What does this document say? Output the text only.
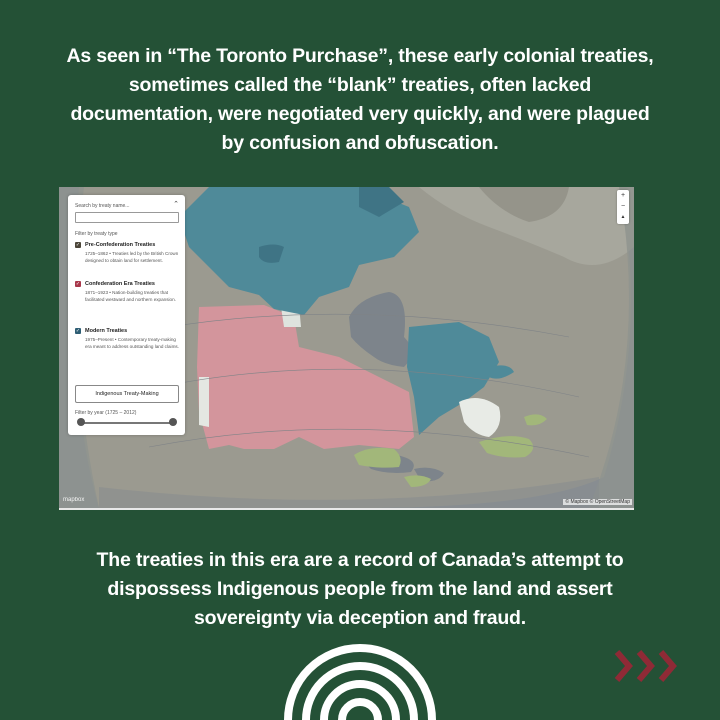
As seen in “The Toronto Purchase”, these early colonial treaties, sometimes called the “blank” treaties, often lacked documentation, were negotiated very quickly, and were plagued by confusion and obfuscation.
Search by treaty name...	⌃
Filter by treaty type
✓ Pre-Confederation Treaties
1725–1862 • Treaties led by the British Crown designed to obtain land for settlement.
✓ Confederation Era Treaties
1871–1923 • Nation-building treaties that facilitated westward and northern expansion.
✓ Modern Treaties
1975–Present • Contemporary treaty-making era meant to address outstanding land claims.
Indigenous Treaty-Making
Filter by year (1725 – 2012)
+
−
▲
mapbox	© Mapbox © OpenStreetMap
The treaties in this era are a record of Canada’s attempt to dispossess Indigenous people from the land and assert sovereignty via deception and fraud.
